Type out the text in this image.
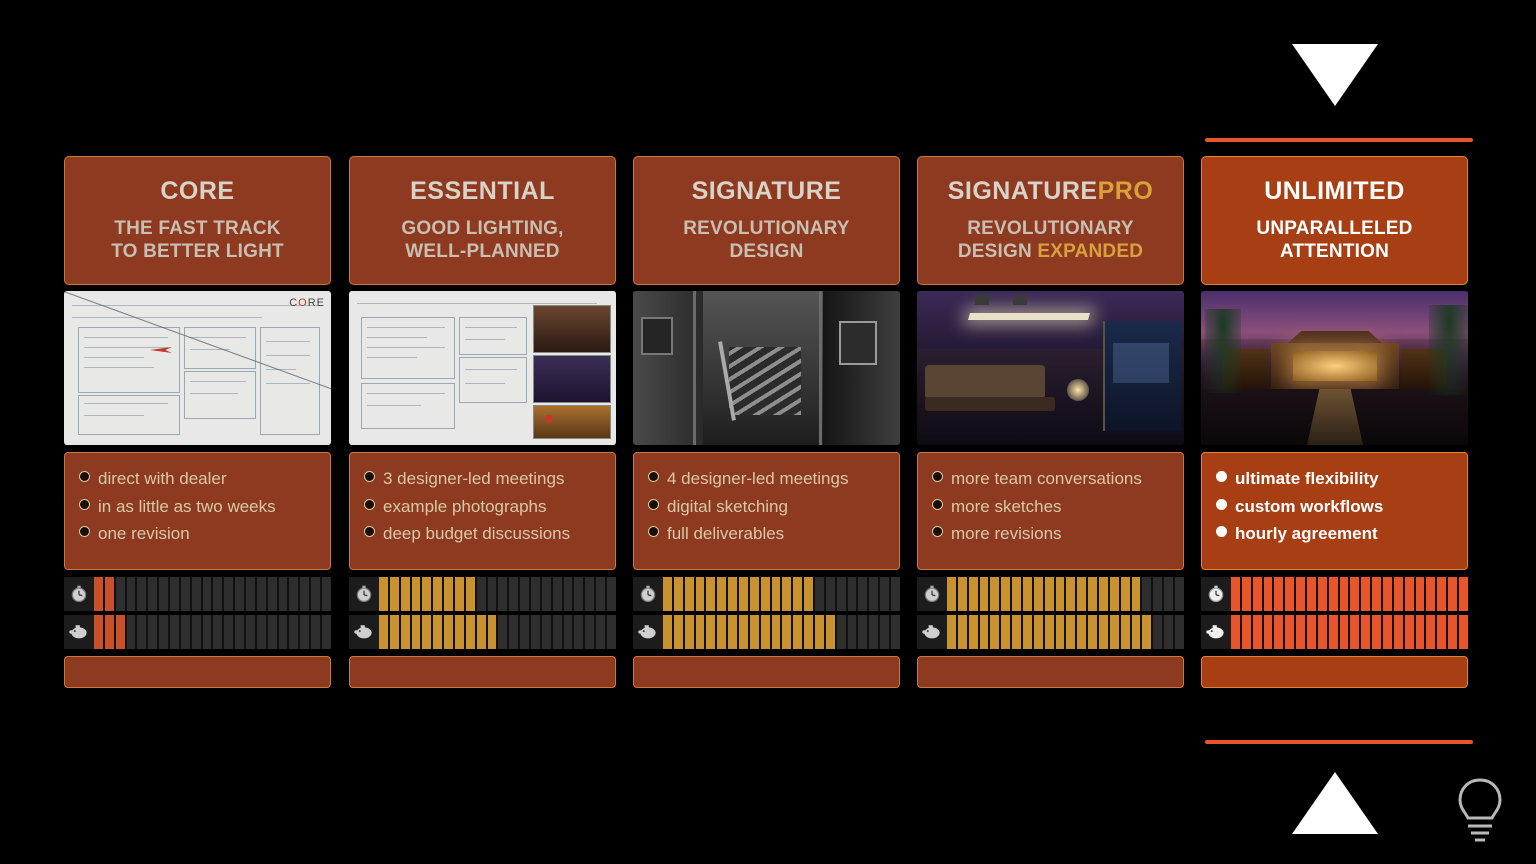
CORE
THE FAST TRACK
TO BETTER LIGHT
CORE
direct with dealer
in as little as two weeks
one revision
ESSENTIAL
GOOD LIGHTING,
WELL-PLANNED
3 designer-led meetings
example photographs
deep budget discussions
SIGNATURE
REVOLUTIONARY
DESIGN
4 designer-led meetings
digital sketching
full deliverables
SIGNATUREPRO
REVOLUTIONARY
DESIGN EXPANDED
more team conversations
more sketches
more revisions
UNLIMITED
UNPARALLELED
ATTENTION
ultimate flexibility
custom workflows
hourly agreement
